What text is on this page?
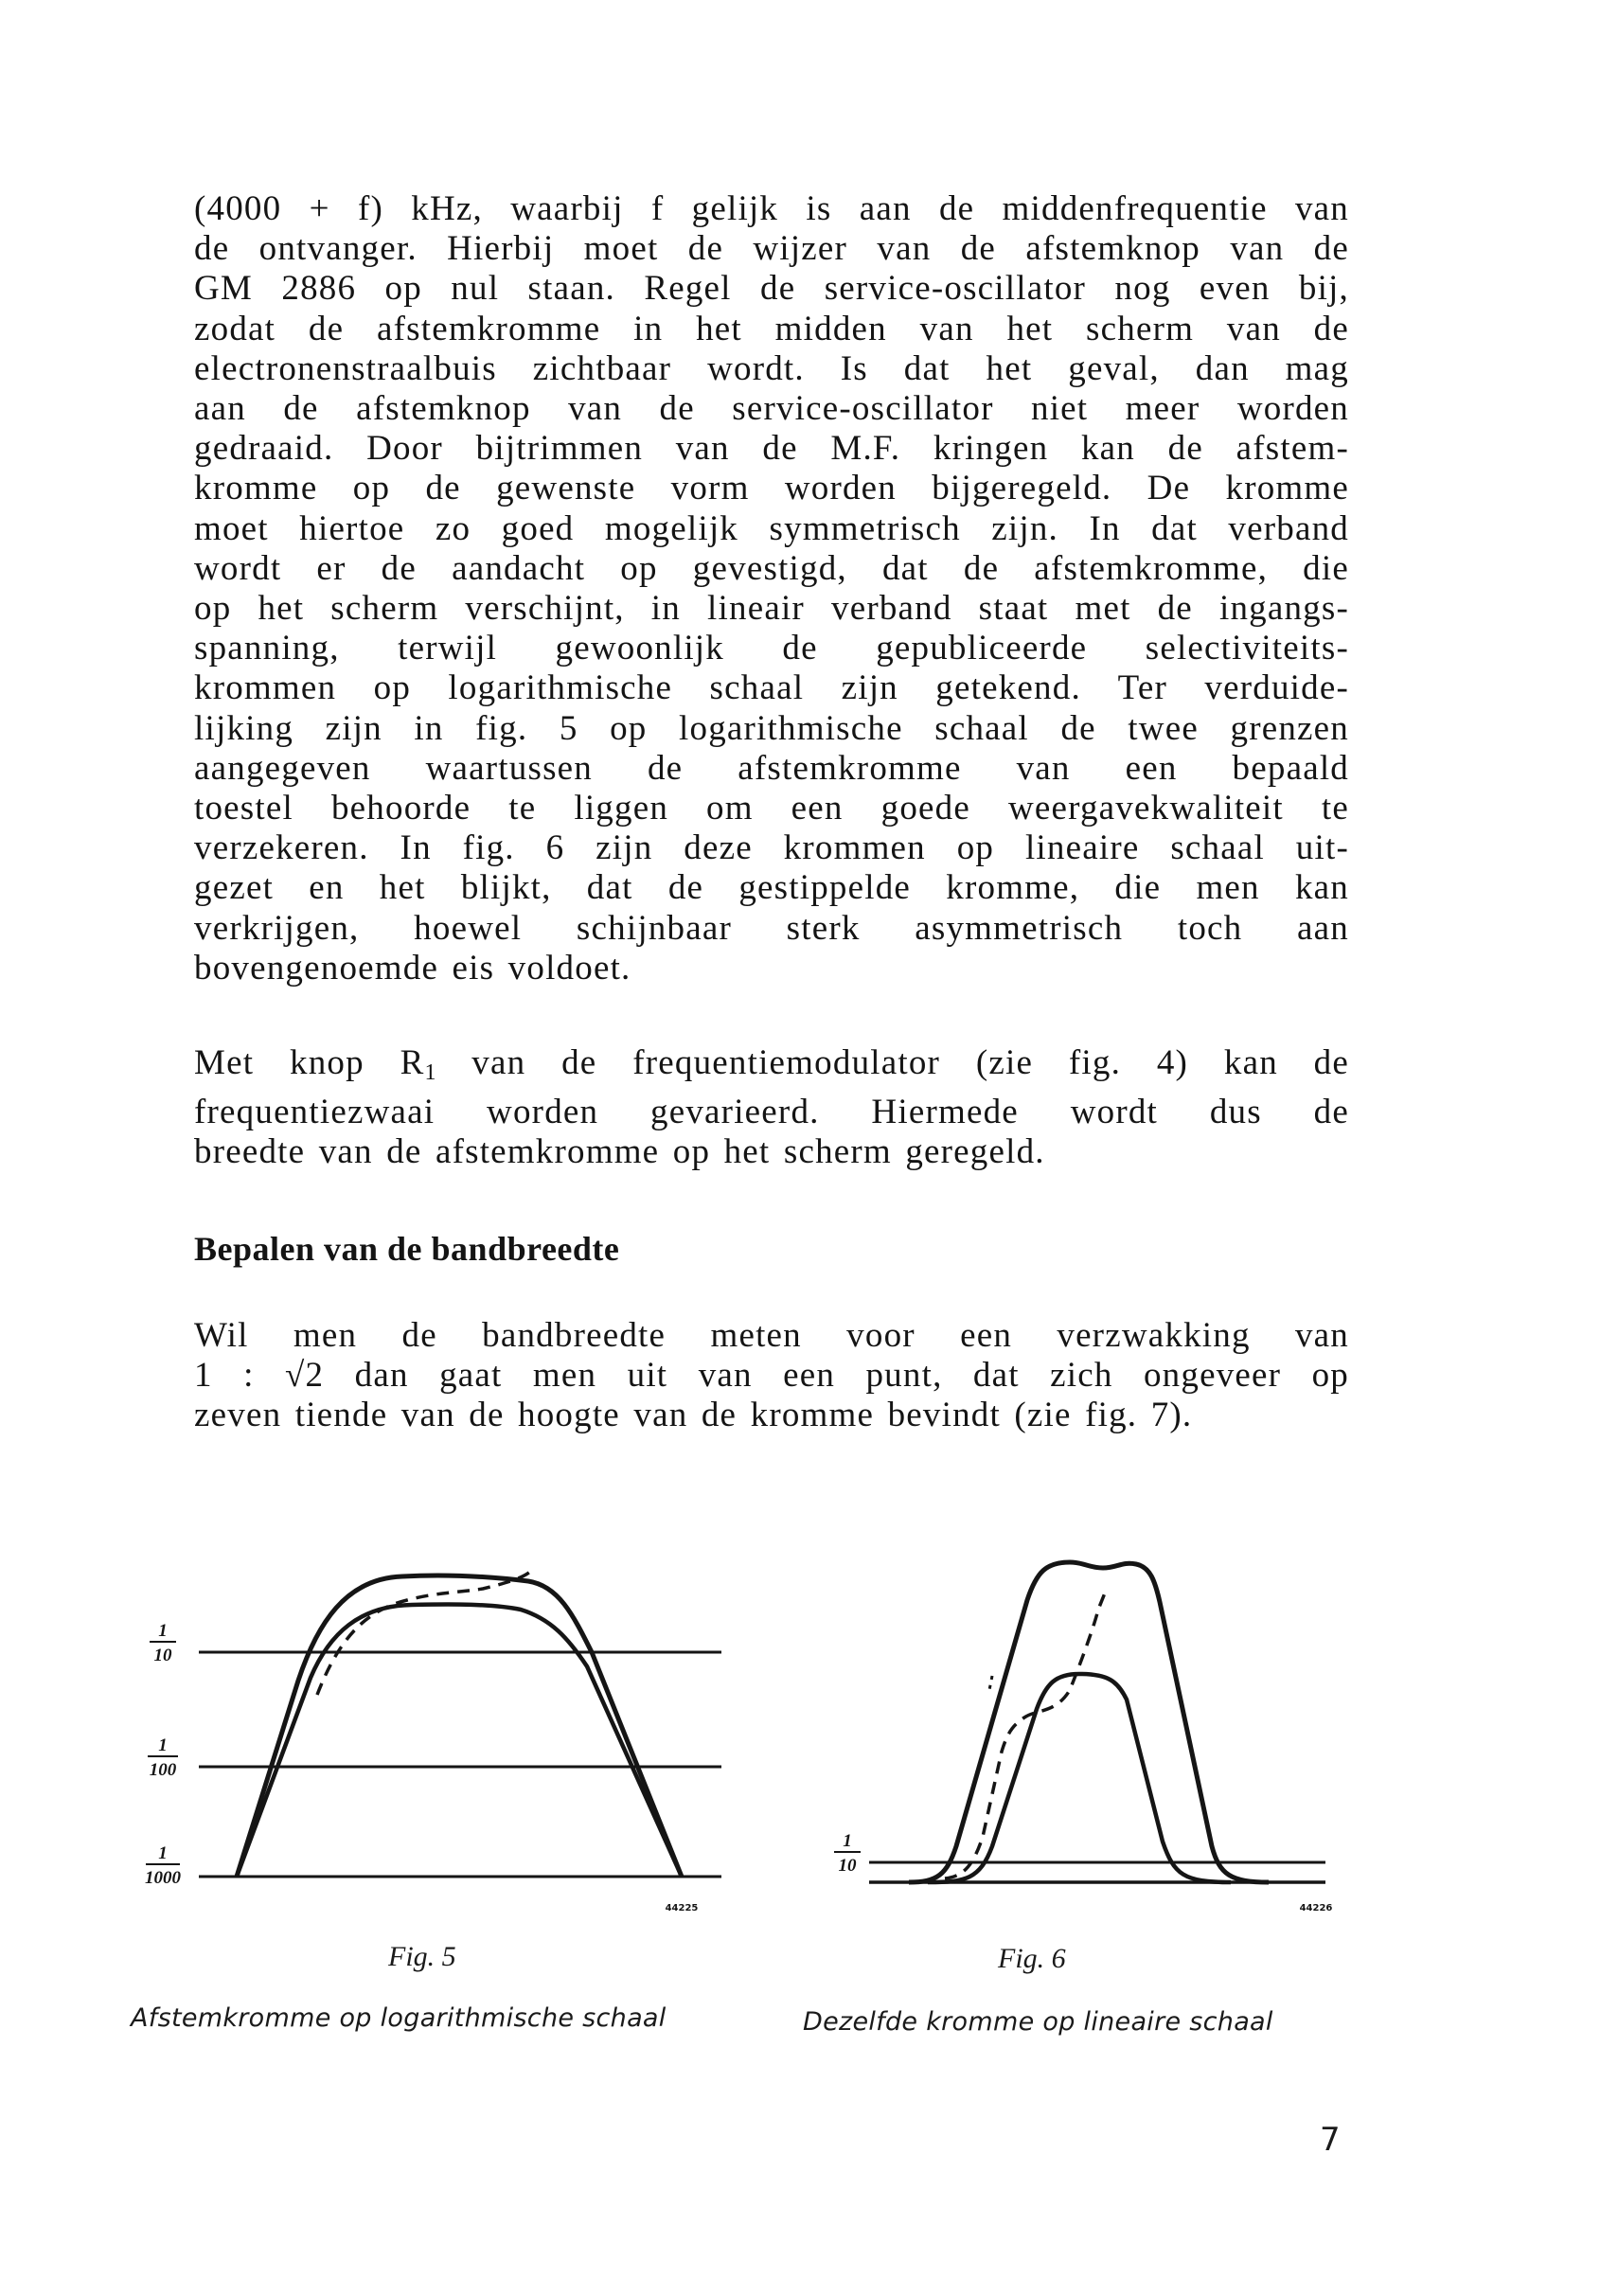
(4000 + f) kHz, waarbij f gelijk is aan de middenfrequentie van
de ontvanger. Hierbij moet de wijzer van de afstemknop van de
GM 2886 op nul staan. Regel de service-oscillator nog even bij,
zodat de afstemkromme in het midden van het scherm van de
electronenstraalbuis zichtbaar wordt. Is dat het geval, dan mag
aan de afstemknop van de service-oscillator niet meer worden
gedraaid. Door bijtrimmen van de M.F. kringen kan de afstem-
kromme op de gewenste vorm worden bijgeregeld. De kromme
moet hiertoe zo goed mogelijk symmetrisch zijn. In dat verband
wordt er de aandacht op gevestigd, dat de afstemkromme, die
op het scherm verschijnt, in lineair verband staat met de ingangs-
spanning, terwijl gewoonlijk de gepubliceerde selectiviteits-
krommen op logarithmische schaal zijn getekend. Ter verduide-
lijking zijn in fig. 5 op logarithmische schaal de twee grenzen
aangegeven waartussen de afstemkromme van een bepaald
toestel behoorde te liggen om een goede weergavekwaliteit te
verzekeren. In fig. 6 zijn deze krommen op lineaire schaal uit-
gezet en het blijkt, dat de gestippelde kromme, die men kan
verkrijgen, hoewel schijnbaar sterk asymmetrisch toch aan
bovengenoemde eis voldoet.
Met knop $R_1$ van de frequentiemodulator (zie fig. 4) kan de
frequentiezwaai worden gevarieerd. Hiermede wordt dus de
breedte van de afstemkromme op het scherm geregeld.
Bepalen van de bandbreedte
Wil men de bandbreedte meten voor een verzwakking van
1 : √2 dan gaat men uit van een punt, dat zich ongeveer op
zeven tiende van de hoogte van de kromme bevindt (zie fig. 7).
1
10
1
100
1
1000
44225
1
10
44226
Fig. 5	Fig. 6
Afstemkromme op logarithmische schaal	Dezelfde kromme op lineaire schaal
7
